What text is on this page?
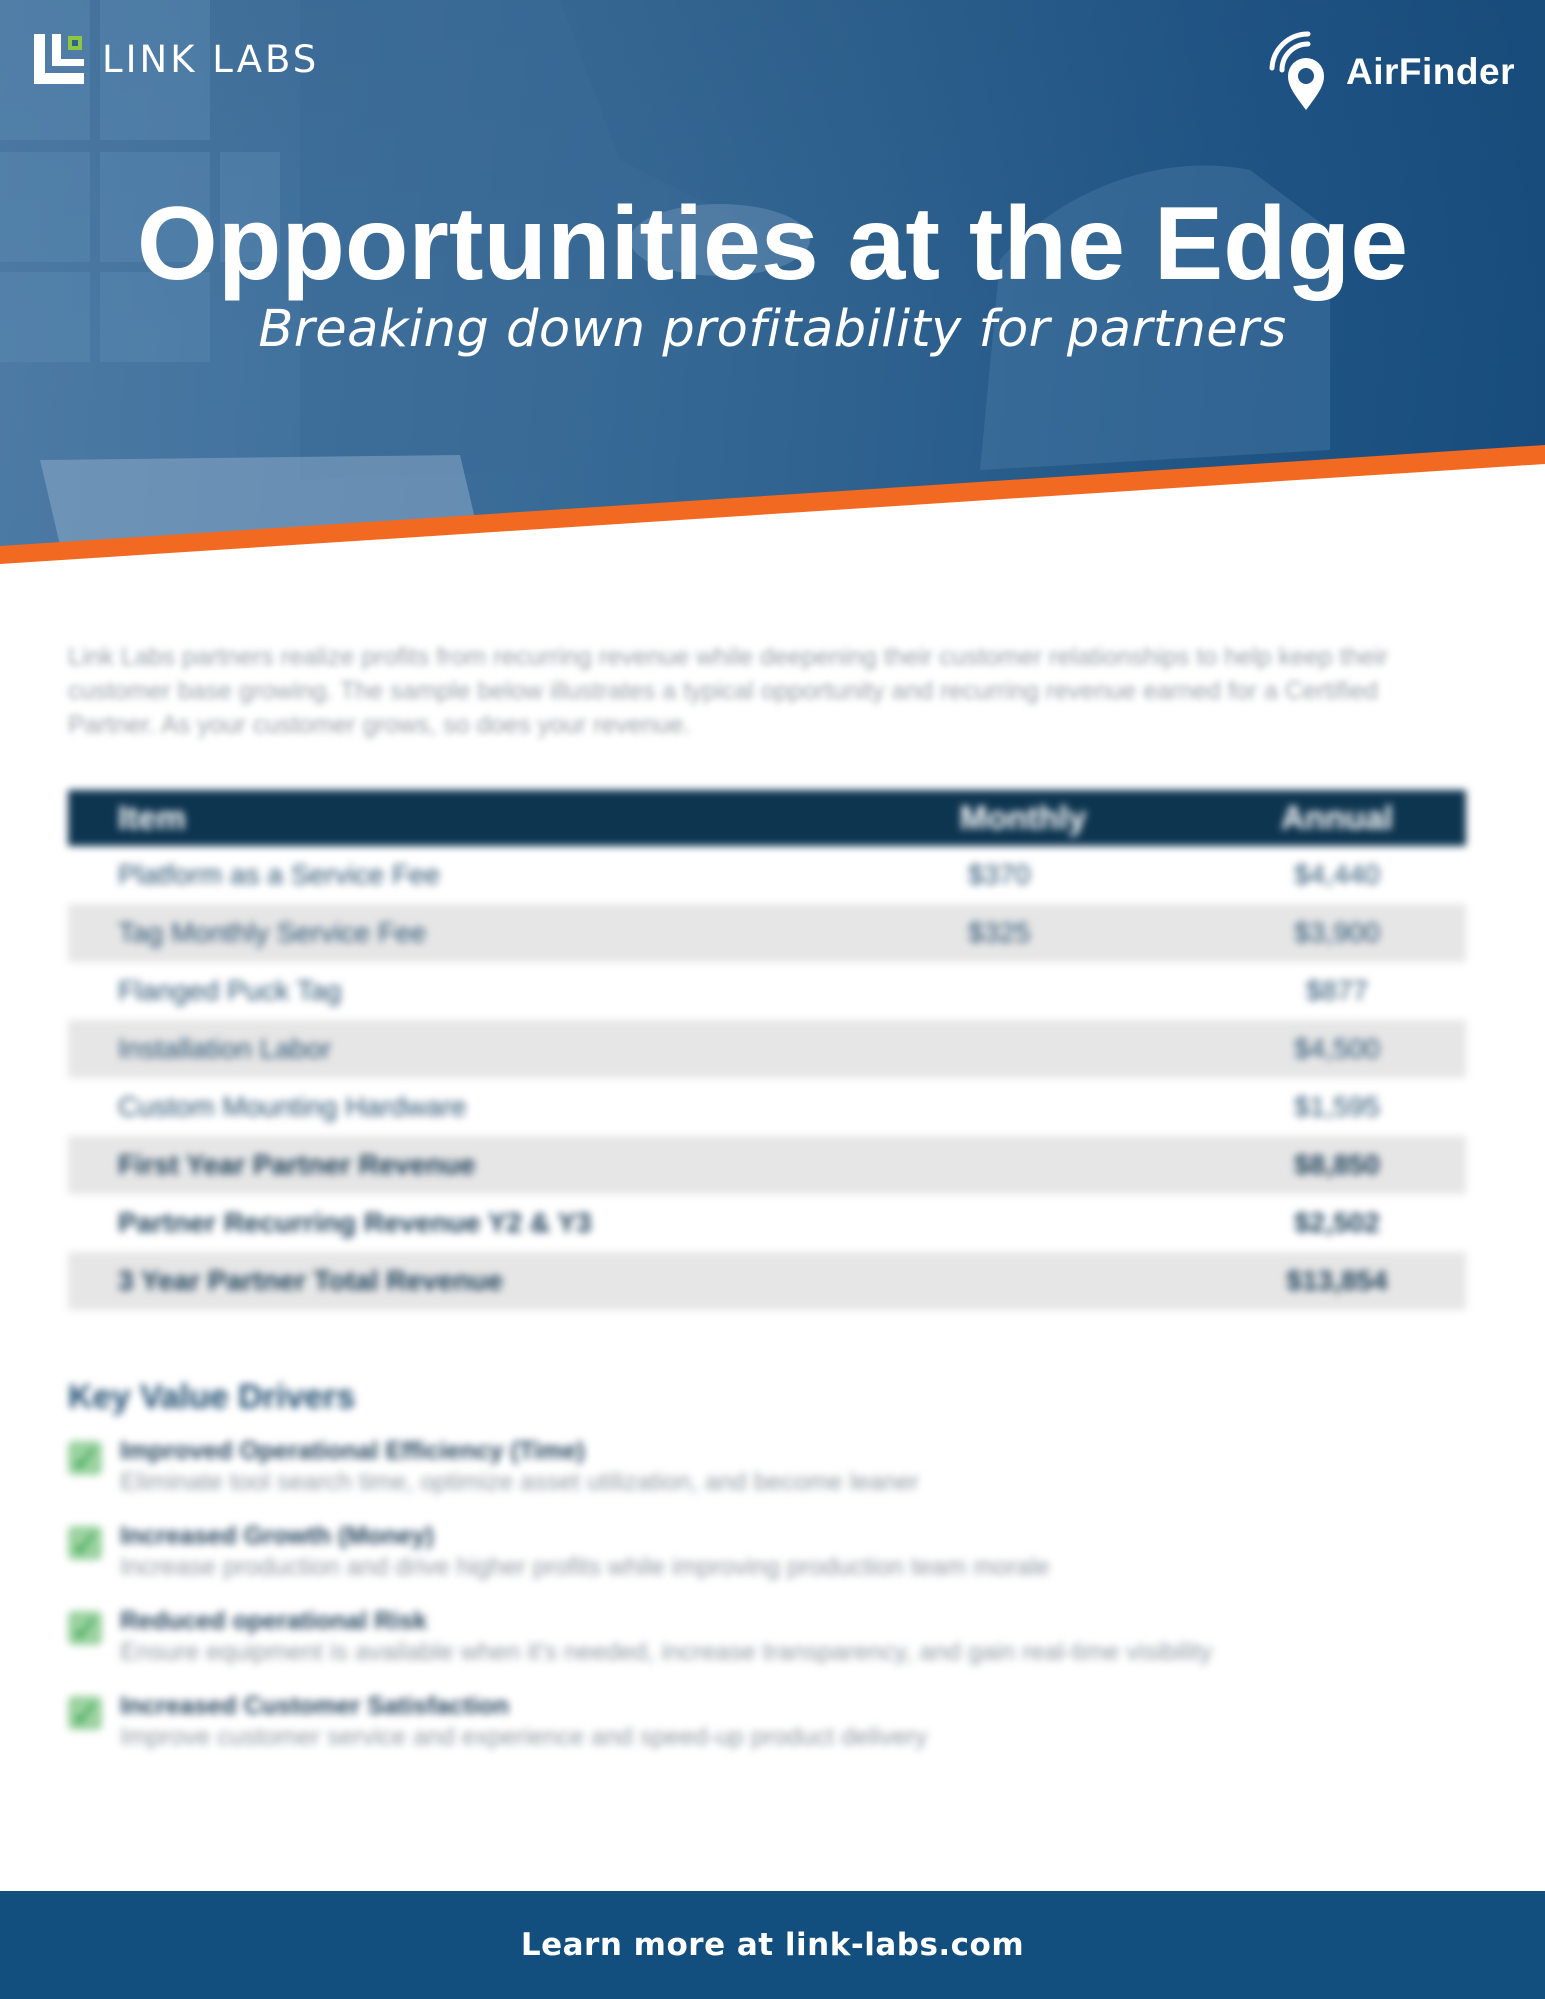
LINK LABS	AirFinder
Opportunities at the Edge

Breaking down profitability for partners

Link Labs partners realize profits from recurring revenue while deepening their customer relationships to help keep their customer base growing. The sample below illustrates a typical opportunity and recurring revenue earned for a Certified Partner. As your customer grows, so does your revenue.

Item	Monthly	Annual
Platform as a Service Fee	$370	$4,440
Tag Monthly Service Fee	$325	$3,900
Flanged Puck Tag		$877
Installation Labor		$4,500
Custom Mounting Hardware		$1,595
First Year Partner Revenue		$8,850
Partner Recurring Revenue Y2 & Y3		$2,502
3 Year Partner Total Revenue		$13,854
Key Value Drivers
✓ Improved Operational Efficiency (Time)
Eliminate tool search time, optimize asset utilization, and become leaner
✓ Increased Growth (Money)
Increase production and drive higher profits while improving production team morale
✓ Reduced operational Risk
Ensure equipment is available when it's needed, increase transparency, and gain real-time visibility
✓ Increased Customer Satisfaction
Improve customer service and experience and speed-up product delivery
Learn more at link-labs.com
